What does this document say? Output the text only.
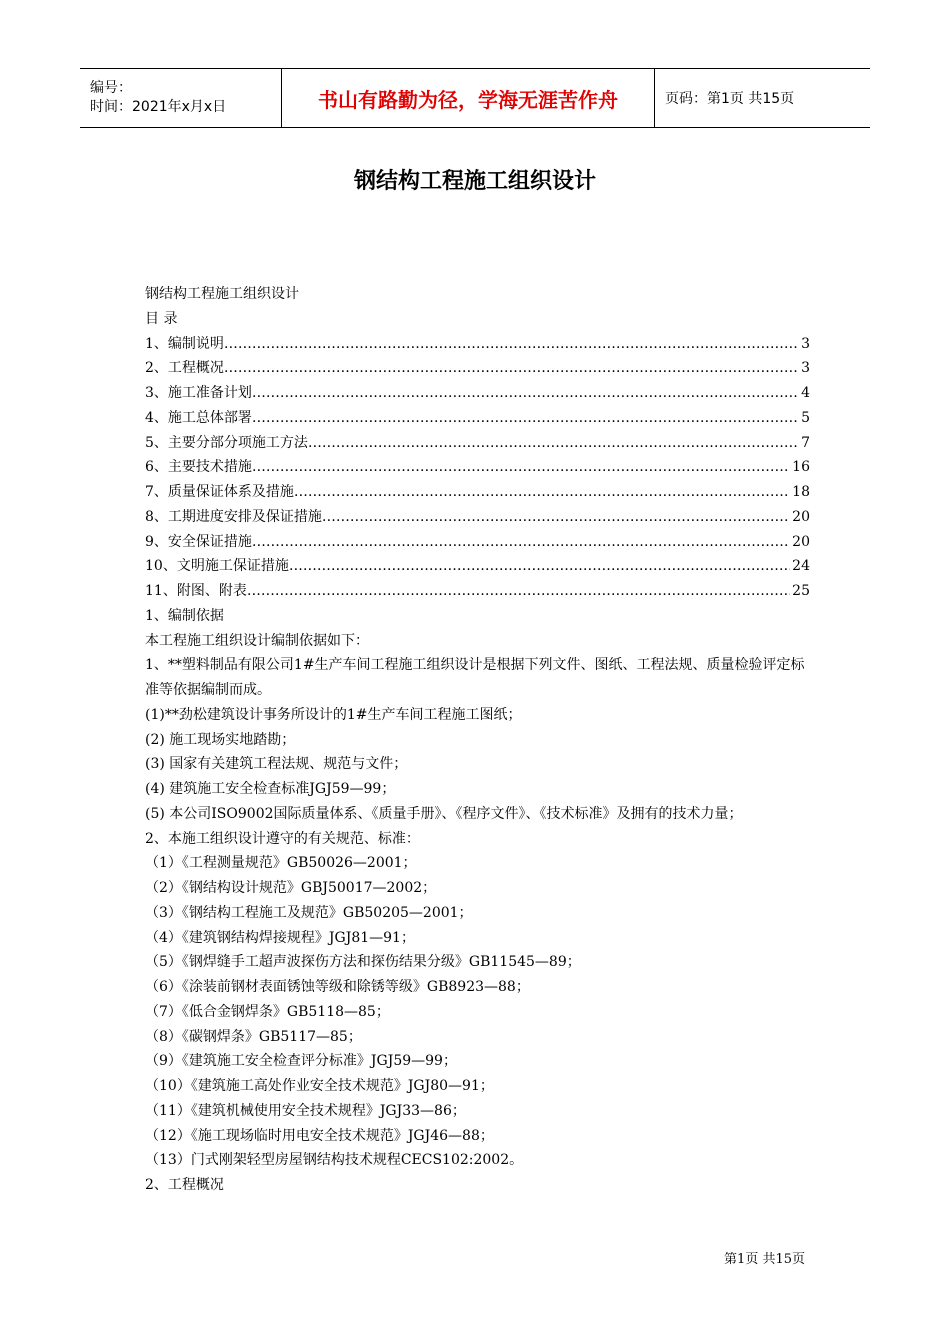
编号：
时间：2021年x月x日	书山有路勤为径，学海无涯苦作舟	页码：第1页 共15页
钢结构工程施工组织设计
钢结构工程施工组织设计
目 录
1、编制说明 …………………………………………………………………………………………………………………………………………………………………	3
2、工程概况 …………………………………………………………………………………………………………………………………………………………………	3
3、施工准备计划 …………………………………………………………………………………………………………………………………………………………………	4
4、施工总体部署 …………………………………………………………………………………………………………………………………………………………………	5
5、主要分部分项施工方法 …………………………………………………………………………………………………………………………………………………………………	7
6、主要技术措施 …………………………………………………………………………………………………………………………………………………………………	16
7、质量保证体系及措施 …………………………………………………………………………………………………………………………………………………………………	18
8、工期进度安排及保证措施 …………………………………………………………………………………………………………………………………………………………………	20
9、安全保证措施 …………………………………………………………………………………………………………………………………………………………………	20
10、文明施工保证措施 …………………………………………………………………………………………………………………………………………………………………	24
11、附图、附表 …………………………………………………………………………………………………………………………………………………………………	25
1、编制依据
本工程施工组织设计编制依据如下：
1、**塑料制品有限公司1#生产车间工程施工组织设计是根据下列文件、图纸、工程法规、质量检验评定标准等依据编制而成。
(1)**劲松建筑设计事务所设计的1#生产车间工程施工图纸；
(2) 施工现场实地踏勘；
(3) 国家有关建筑工程法规、规范与文件；
(4) 建筑施工安全检查标准JGJ59—99；
(5) 本公司ISO9002国际质量体系、《质量手册》、《程序文件》、《技术标准》及拥有的技术力量；
2、本施工组织设计遵守的有关规范、标准：
（1）《工程测量规范》GB50026—2001；
（2）《钢结构设计规范》GBJ50017—2002；
（3）《钢结构工程施工及规范》GB50205—2001；
（4）《建筑钢结构焊接规程》JGJ81—91；
（5）《钢焊缝手工超声波探伤方法和探伤结果分级》GB11545—89；
（6）《涂装前钢材表面锈蚀等级和除锈等级》GB8923—88；
（7）《低合金钢焊条》GB5118—85；
（8）《碳钢焊条》GB5117—85；
（9）《建筑施工安全检查评分标准》JGJ59—99；
（10）《建筑施工高处作业安全技术规范》JGJ80—91；
（11）《建筑机械使用安全技术规程》JGJ33—86；
（12）《施工现场临时用电安全技术规范》JGJ46—88；
（13）门式刚架轻型房屋钢结构技术规程CECS102:2002。
2、工程概况
第1页 共15页
